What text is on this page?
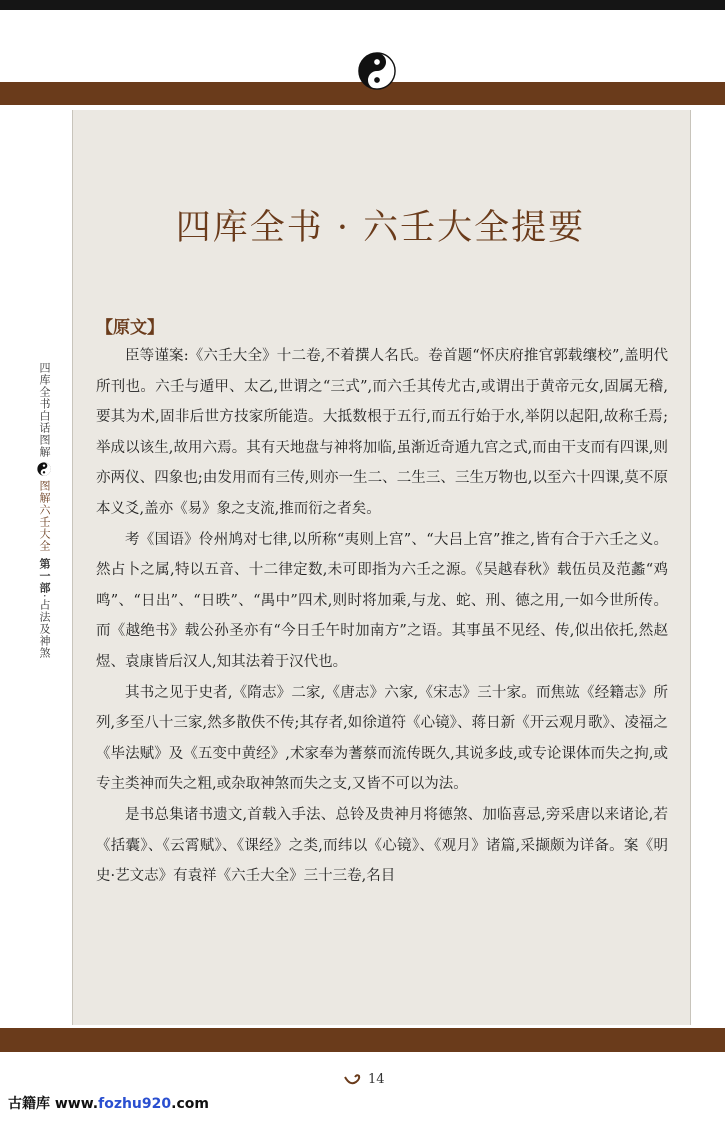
四库全书 · 六壬大全提要
【原文】

臣等谨案:《六壬大全》十二卷,不着撰人名氏。卷首题“怀庆府推官郭载𬙋校”,盖明代所刊也。六壬与遁甲、太乙,世谓之“三式”,而六壬其传尤古,或谓出于黄帝元女,固属无稽,要其为术,固非后世方技家所能造。大抵数根于五行,而五行始于水,举阴以起阳,故称壬焉;举成以该生,故用六焉。其有天地盘与神将加临,虽渐近奇遁九宫之式,而由干支而有四课,则亦两仪、四象也;由发用而有三传,则亦一生二、二生三、三生万物也,以至六十四课,莫不原本义爻,盖亦《易》象之支流,推而衍之者矣。

考《国语》伶州鸠对七律,以所称“夷则上宫”、“大吕上宫”推之,皆有合于六壬之义。然占卜之属,特以五音、十二律定数,未可即指为六壬之源。《吴越春秋》载伍员及范蠡“鸡鸣”、“日出”、“日昳”、“禺中”四术,则时将加乘,与龙、蛇、刑、德之用,一如今世所传。而《越绝书》载公孙圣亦有“今日壬午时加南方”之语。其事虽不见经、传,似出依托,然赵煜、袁康皆后汉人,知其法着于汉代也。

其书之见于史者,《隋志》二家,《唐志》六家,《宋志》三十家。而焦竑《经籍志》所列,多至八十三家,然多散佚不传;其存者,如徐道符《心镜》、蒋日新《开云观月歌》、凌福之《毕法赋》及《五变中黄经》,术家奉为蓍蔡而流传既久,其说多歧,或专论课体而失之拘,或专主类神而失之粗,或杂取神煞而失之支,又皆不可以为法。

是书总集诸书遗文,首载入手法、总铃及贵神月将德煞、加临喜忌,旁采唐以来诸论,若《括囊》、《云霄赋》、《课经》之类,而纬以《心镜》、《观月》诸篇,采撷颇为详备。案《明史·艺文志》有袁祥《六壬大全》三十三卷,名目

四库全书白话图解
图解六壬大全
第一部
·
占法及神煞
14
古籍库 www.fozhu920.com
